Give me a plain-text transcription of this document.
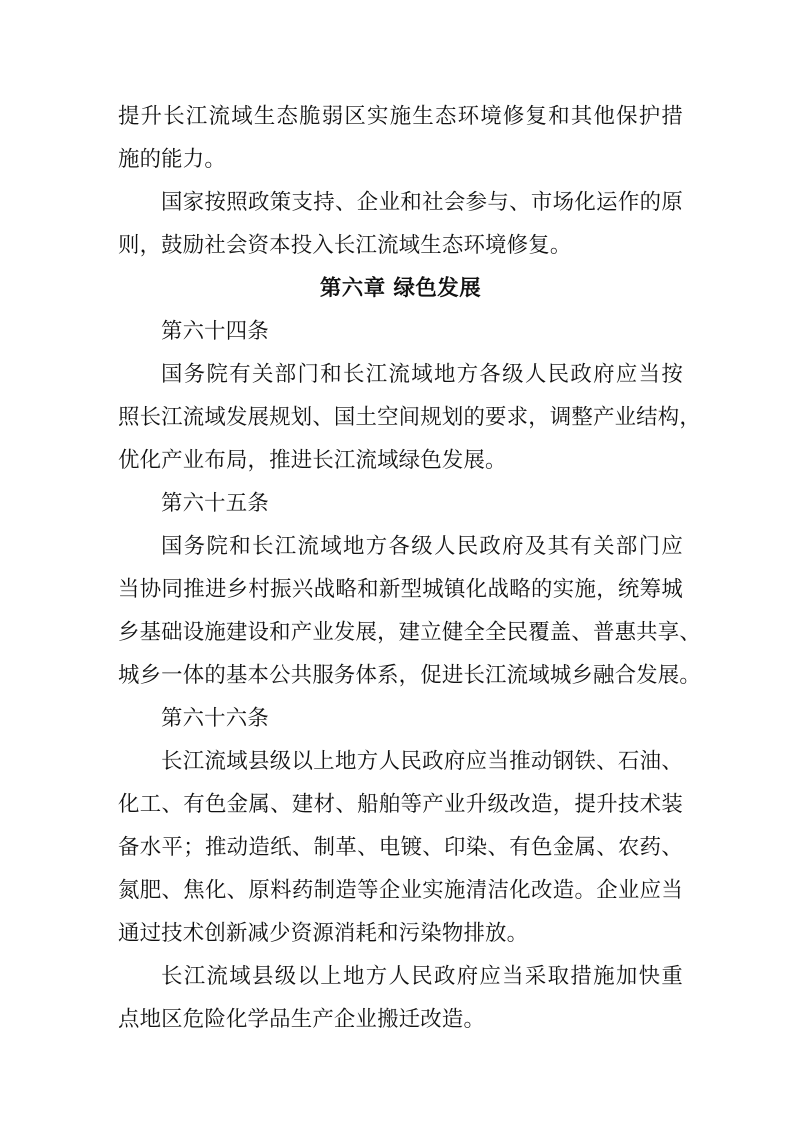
提升长江流域生态脆弱区实施生态环境修复和其他保护措
施的能力。
国家按照政策支持、企业和社会参与、市场化运作的原
则，鼓励社会资本投入长江流域生态环境修复。
第六章 绿色发展
第六十四条
国务院有关部门和长江流域地方各级人民政府应当按
照长江流域发展规划、国土空间规划的要求，调整产业结构，
优化产业布局，推进长江流域绿色发展。
第六十五条
国务院和长江流域地方各级人民政府及其有关部门应
当协同推进乡村振兴战略和新型城镇化战略的实施，统筹城
乡基础设施建设和产业发展，建立健全全民覆盖、普惠共享、
城乡一体的基本公共服务体系，促进长江流域城乡融合发展。
第六十六条
长江流域县级以上地方人民政府应当推动钢铁、石油、
化工、有色金属、建材、船舶等产业升级改造，提升技术装
备水平；推动造纸、制革、电镀、印染、有色金属、农药、
氮肥、焦化、原料药制造等企业实施清洁化改造。企业应当
通过技术创新减少资源消耗和污染物排放。
长江流域县级以上地方人民政府应当采取措施加快重
点地区危险化学品生产企业搬迁改造。
